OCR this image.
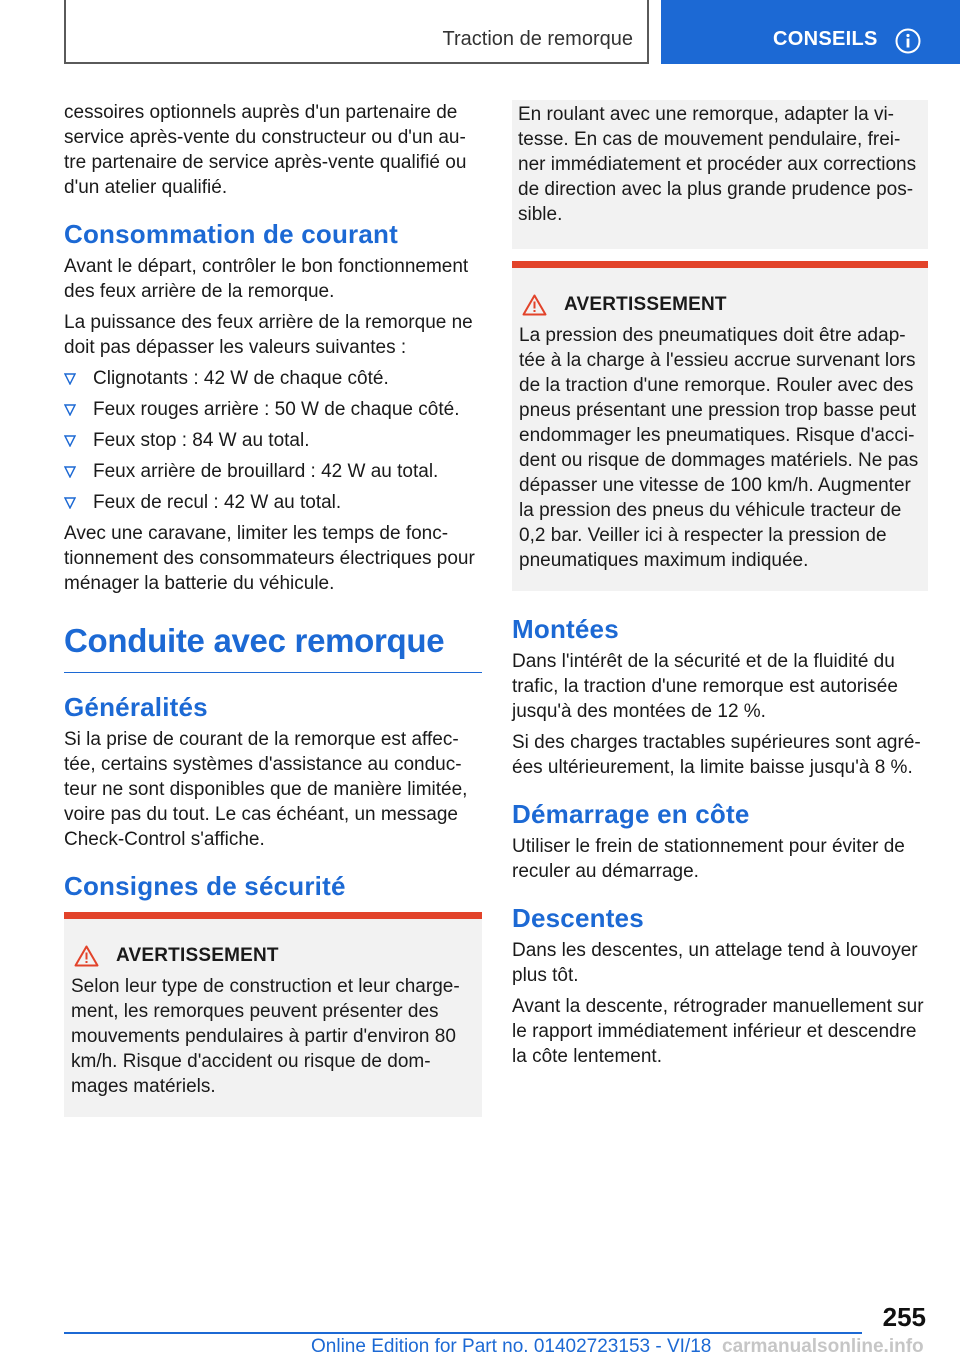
Traction de remorque	CONSEILS

cessoires optionnels auprès d'un partenaire de service après-vente du constructeur ou d'un au-tre partenaire de service après-vente qualifié ou d'un atelier qualifié.

Consommation de courant

Avant le départ, contrôler le bon fonctionnement des feux arrière de la remorque.

La puissance des feux arrière de la remorque ne doit pas dépasser les valeurs suivantes :

Clignotants : 42 W de chaque côté.
Feux rouges arrière : 50 W de chaque côté.
Feux stop : 84 W au total.
Feux arrière de brouillard : 42 W au total.
Feux de recul : 42 W au total.

Avec une caravane, limiter les temps de fonc-tionnement des consommateurs électriques pour ménager la batterie du véhicule.

Conduite avec remorque
Généralités

Si la prise de courant de la remorque est affec-tée, certains systèmes d'assistance au conduc-teur ne sont disponibles que de manière limitée, voire pas du tout. Le cas échéant, un message Check-Control s'affiche.

Consignes de sécurité
AVERTISSEMENT

Selon leur type de construction et leur charge-ment, les remorques peuvent présenter des mouvements pendulaires à partir d'environ 80 km/h. Risque d'accident ou risque de dom-mages matériels.

En roulant avec une remorque, adapter la vi-tesse. En cas de mouvement pendulaire, frei-ner immédiatement et procéder aux corrections de direction avec la plus grande prudence pos-sible.

AVERTISSEMENT

La pression des pneumatiques doit être adap-tée à la charge à l'essieu accrue survenant lors de la traction d'une remorque. Rouler avec des pneus présentant une pression trop basse peut endommager les pneumatiques. Risque d'acci-dent ou risque de dommages matériels. Ne pas dépasser une vitesse de 100 km/h. Augmenter la pression des pneus du véhicule tracteur de 0,2 bar. Veiller ici à respecter la pression de pneumatiques maximum indiquée.

Montées

Dans l'intérêt de la sécurité et de la fluidité du trafic, la traction d'une remorque est autorisée jusqu'à des montées de 12 %.

Si des charges tractables supérieures sont agré-ées ultérieurement, la limite baisse jusqu'à 8 %.

Démarrage en côte

Utiliser le frein de stationnement pour éviter de reculer au démarrage.

Descentes

Dans les descentes, un attelage tend à louvoyer plus tôt.

Avant la descente, rétrograder manuellement sur le rapport immédiatement inférieur et descendre la côte lentement.

255
Online Edition for Part no. 01402723153 - VI/18 carmanualsonline.info
